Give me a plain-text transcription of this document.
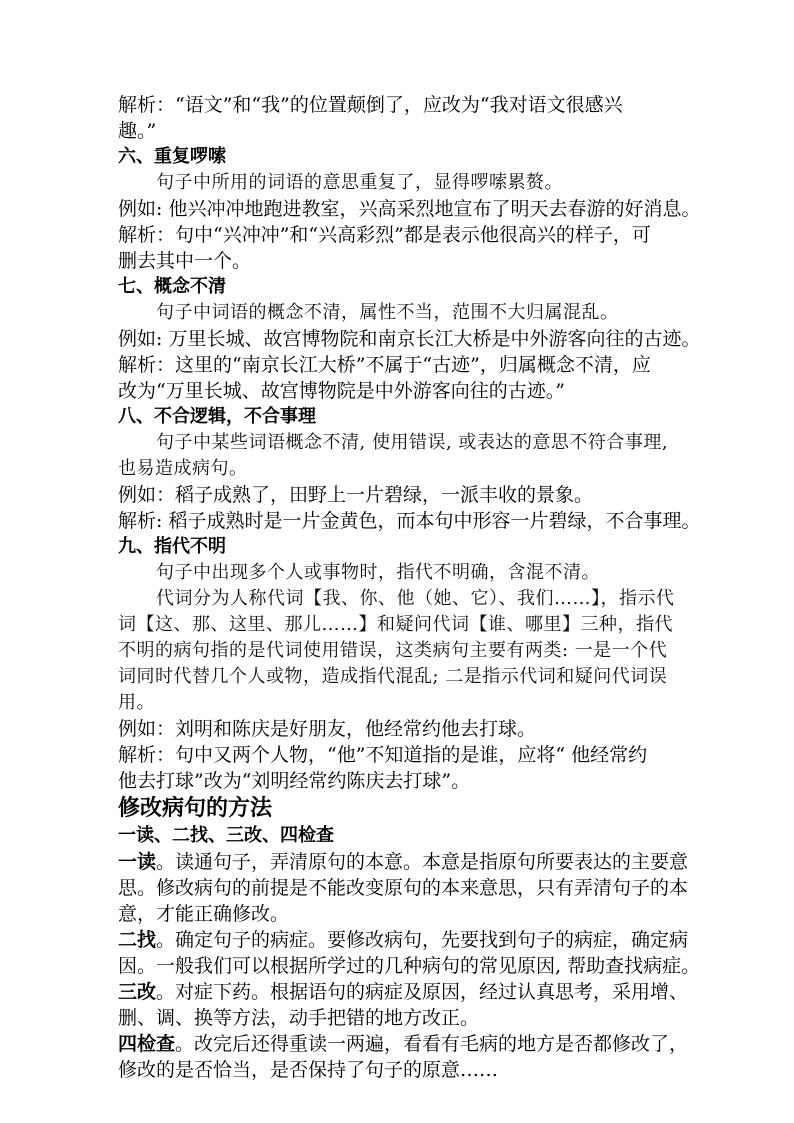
解析：“语文”和“我”的位置颠倒了，应改为“我对语文很感兴

趣。”

六、重复啰嗦

句子中所用的词语的意思重复了，显得啰嗦累赘。

例如: 他兴冲冲地跑进教室，兴高采烈地宣布了明天去春游的好消息。

解析：句中“兴冲冲”和“兴高彩烈”都是表示他很高兴的样子，可

删去其中一个。

七、概念不清

句子中词语的概念不清，属性不当，范围不大归属混乱。

例如: 万里长城、故宫博物院和南京长江大桥是中外游客向往的古迹。

解析：这里的“南京长江大桥”不属于“古迹”，归属概念不清，应

改为“万里长城、故宫博物院是中外游客向往的古迹。”

八、不合逻辑，不合事理

句子中某些词语概念不清, 使用错误, 或表达的意思不符合事理,

也易造成病句。

例如：稻子成熟了，田野上一片碧绿，一派丰收的景象。

解析: 稻子成熟时是一片金黄色，而本句中形容一片碧绿，不合事理。

九、指代不明

句子中出现多个人或事物时，指代不明确，含混不清。

代词分为人称代词【我、你、他（她、它）、我们……】，指示代

词【这、那、这里、那儿……】和疑问代词【谁、哪里】三种，指代

不明的病句指的是代词使用错误，这类病句主要有两类: 一是一个代

词同时代替几个人或物，造成指代混乱; 二是指示代词和疑问代词误

用。

例如：刘明和陈庆是好朋友，他经常约他去打球。

解析：句中又两个人物，“他”不知道指的是谁，应将“ 他经常约

他去打球”改为“刘明经常约陈庆去打球”。

修改病句的方法

一读、二找、三改、四检查

一读。读通句子，弄清原句的本意。本意是指原句所要表达的主要意

思。修改病句的前提是不能改变原句的本来意思，只有弄清句子的本

意，才能正确修改。

二找。确定句子的病症。要修改病句，先要找到句子的病症，确定病

因。一般我们可以根据所学过的几种病句的常见原因, 帮助查找病症。

三改。对症下药。根据语句的病症及原因，经过认真思考，采用增、

删、调、换等方法，动手把错的地方改正。

四检查。改完后还得重读一两遍，看看有毛病的地方是否都修改了，

修改的是否恰当，是否保持了句子的原意……
